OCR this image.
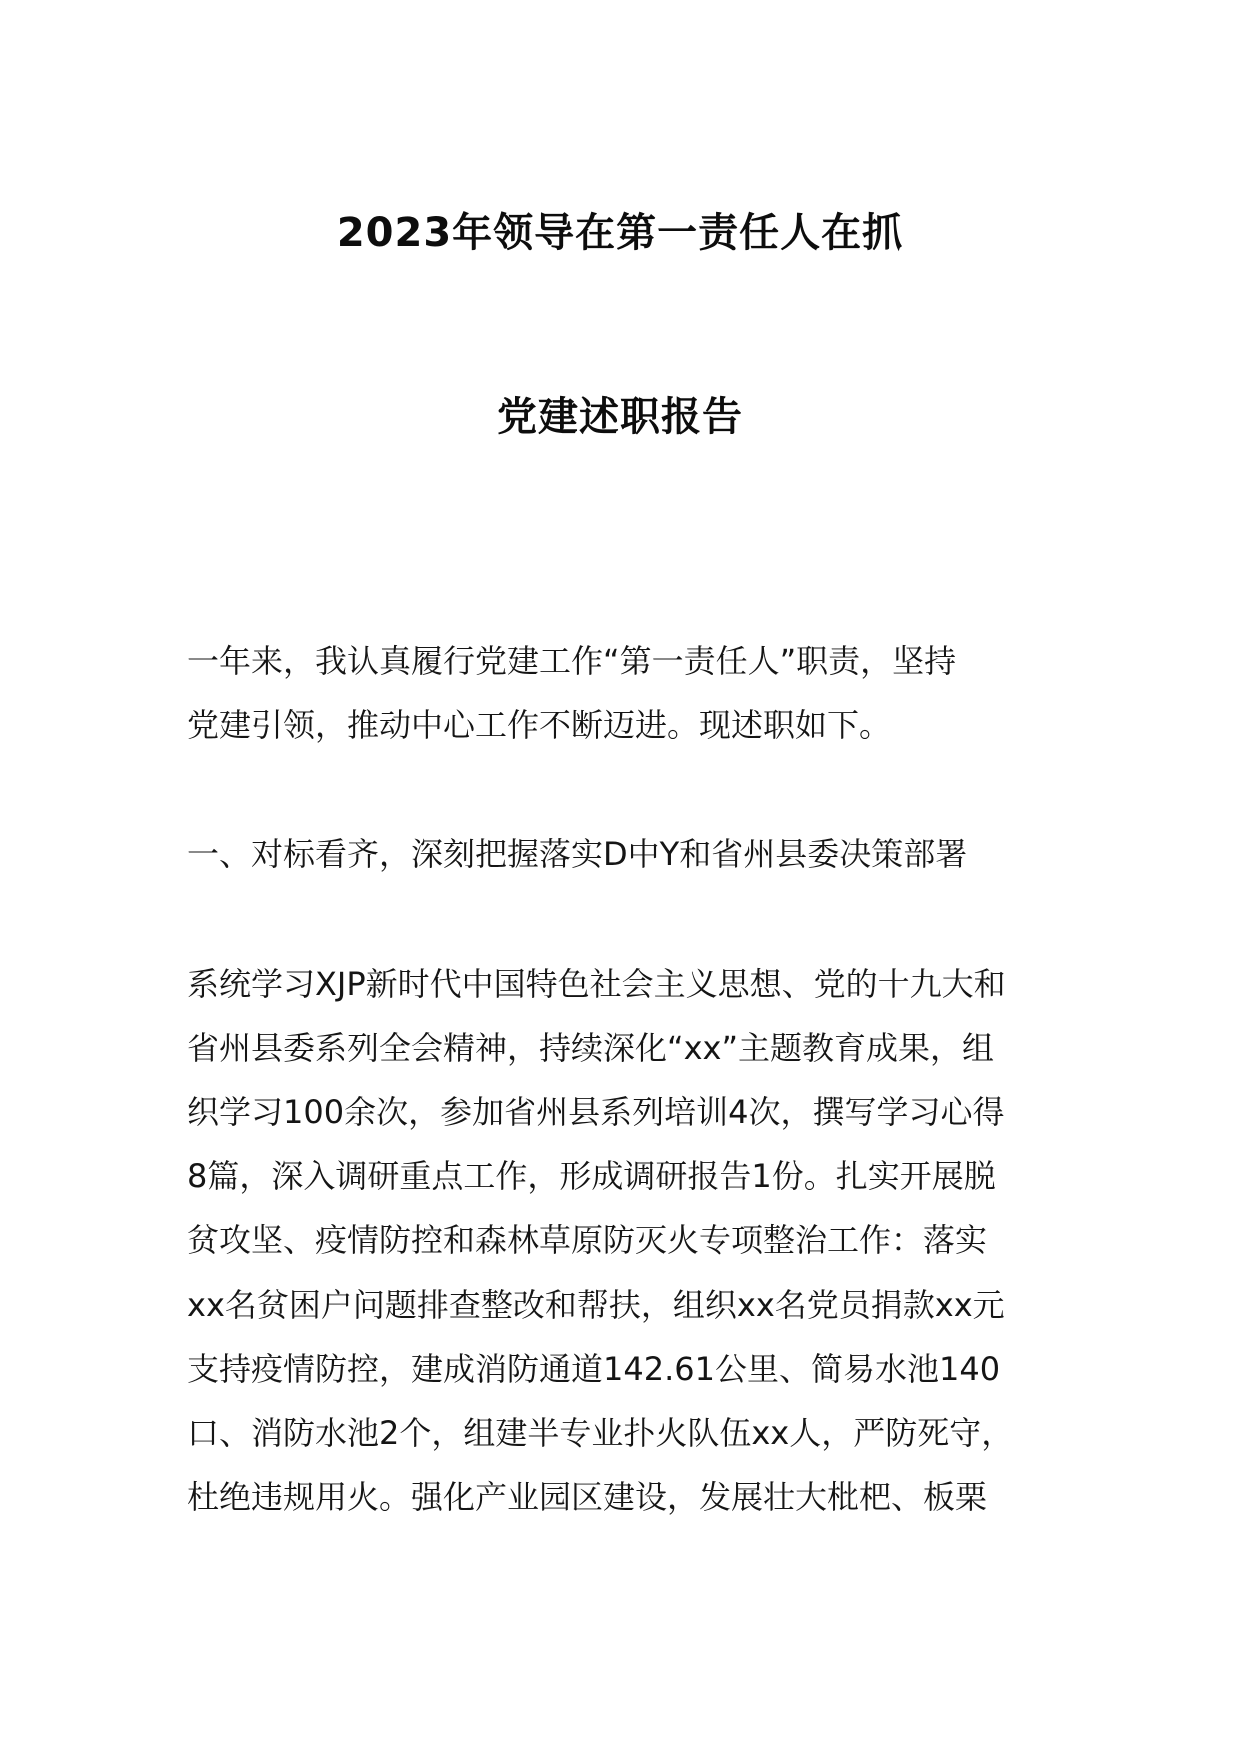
2023年领导在第一责任人在抓
党建述职报告
一年来，我认真履行党建工作“第一责任人”职责，坚持
党建引领，推动中心工作不断迈进。现述职如下。
一、对标看齐，深刻把握落实D中Y和省州县委决策部署
系统学习XJP新时代中国特色社会主义思想、党的十九大和
省州县委系列全会精神，持续深化“xx”主题教育成果，组
织学习100余次，参加省州县系列培训4次，撰写学习心得
8篇，深入调研重点工作，形成调研报告1份。扎实开展脱
贫攻坚、疫情防控和森林草原防灭火专项整治工作：落实
xx名贫困户问题排查整改和帮扶，组织xx名党员捐款xx元
支持疫情防控，建成消防通道142.61公里、简易水池140
口、消防水池2个，组建半专业扑火队伍xx人，严防死守，
杜绝违规用火。强化产业园区建设，发展壮大枇杷、板栗
